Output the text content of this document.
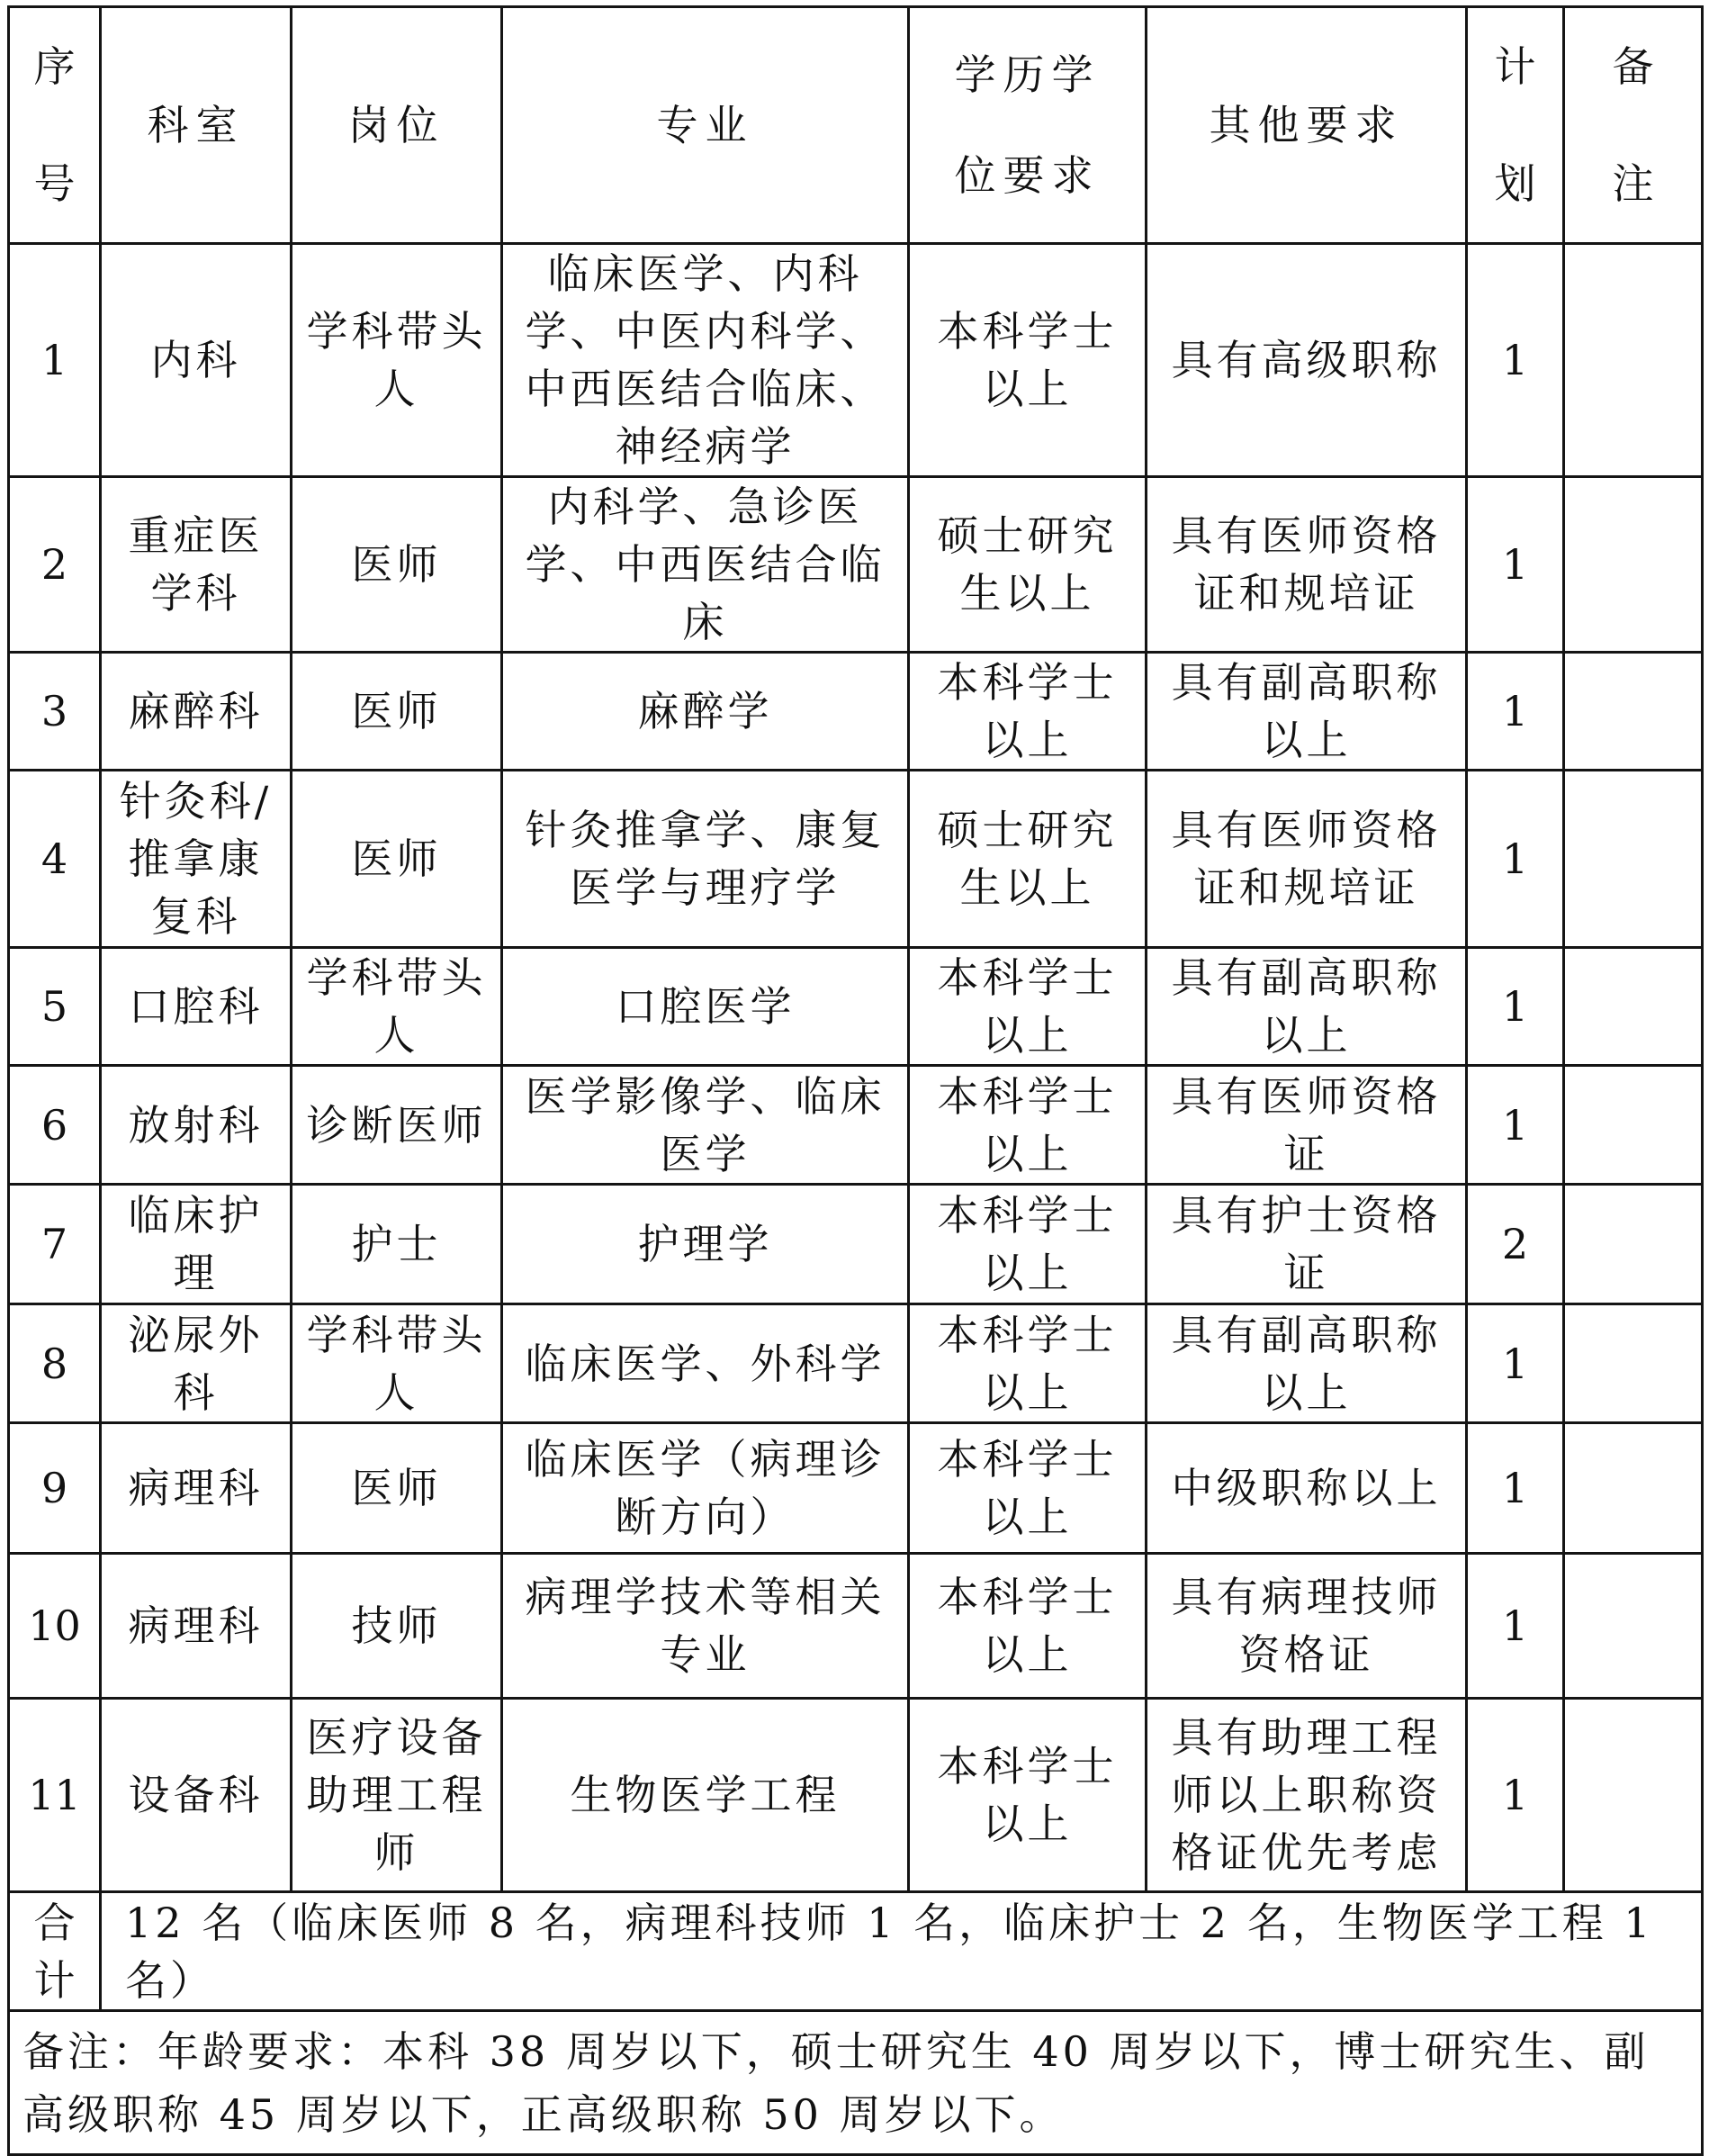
序号	科室	岗位	专业	学历学位要求	其他要求	计划	备注
1	内科	学科带头人	临床医学、内科学、中医内科学、中西医结合临床、神经病学	本科学士以上	具有高级职称	1	
2	重症医学科	医师	内科学、急诊医学、中西医结合临床	硕士研究生以上	具有医师资格证和规培证	1	
3	麻醉科	医师	麻醉学	本科学士以上	具有副高职称以上	1	
4	针灸科/推拿康复科	医师	针灸推拿学、康复医学与理疗学	硕士研究生以上	具有医师资格证和规培证	1	
5	口腔科	学科带头人	口腔医学	本科学士以上	具有副高职称以上	1	
6	放射科	诊断医师	医学影像学、临床医学	本科学士以上	具有医师资格证	1	
7	临床护理	护士	护理学	本科学士以上	具有护士资格证	2	
8	泌尿外科	学科带头人	临床医学、外科学	本科学士以上	具有副高职称以上	1	
9	病理科	医师	临床医学（病理诊断方向）	本科学士以上	中级职称以上	1	
10	病理科	技师	病理学技术等相关专业	本科学士以上	具有病理技师资格证	1	
11	设备科	医疗设备助理工程师	生物医学工程	本科学士以上	具有助理工程师以上职称资格证优先考虑	1	
合计	12 名（临床医师 8 名，病理科技师 1 名，临床护士 2 名，生物医学工程 1 名）						
备注：年龄要求：本科 38 周岁以下，硕士研究生 40 周岁以下，博士研究生、副高级职称 45 周岁以下，正高级职称 50 周岁以下。							
